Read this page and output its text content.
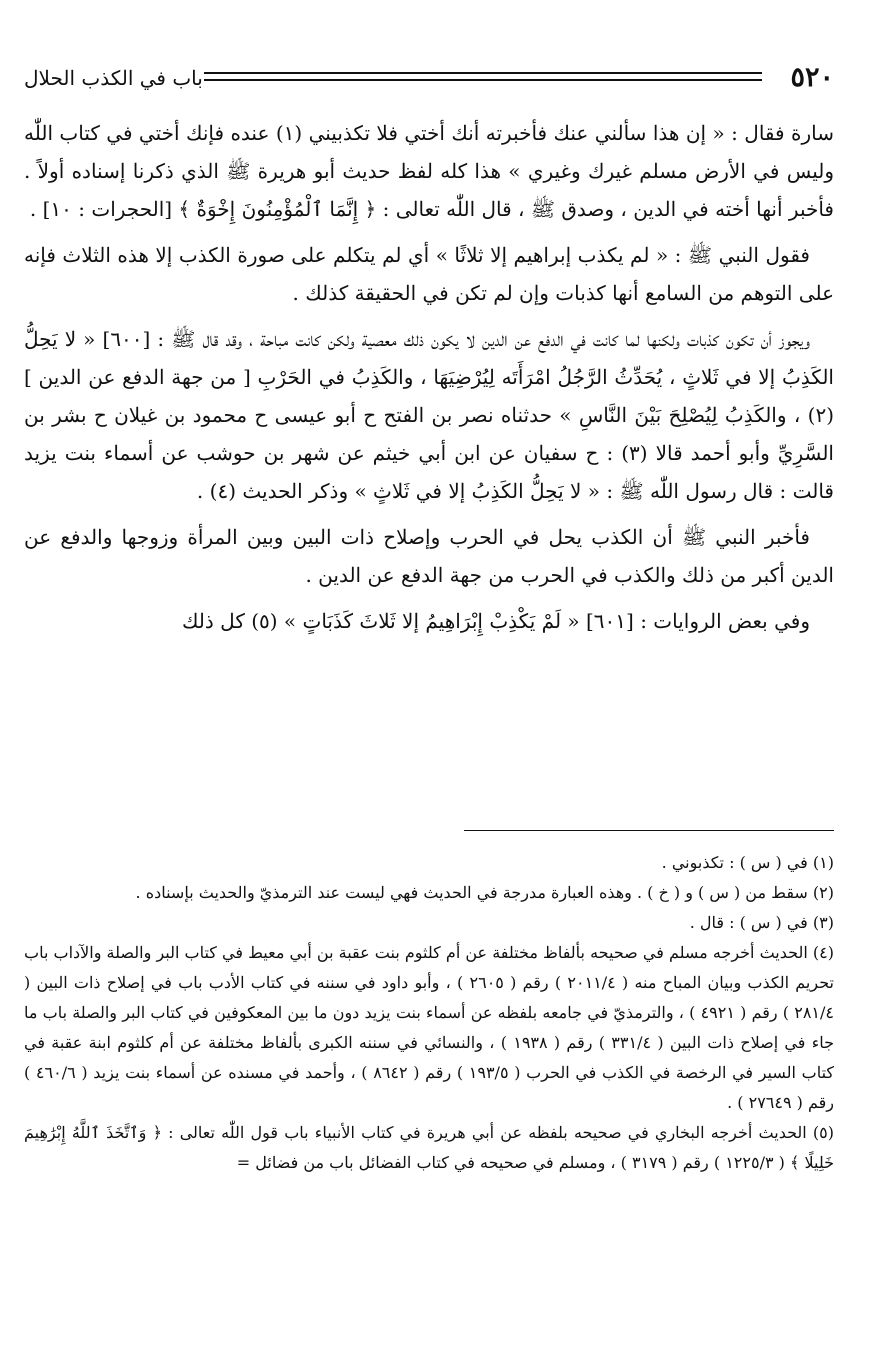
٥٢٠
باب في الكذب الحلال

سارة فقال : « إن هذا سألني عنك فأخبرته أنك أختي فلا تكذبيني (١) عنده فإنك أختي في كتاب اللّٰه وليس في الأرض مسلم غيرك وغيري » هذا كله لفظ حديث أبو هريرة ﷺ الذي ذكرنا إسناده أولاً . فأخبر أنها أخته في الدين ، وصدق ﷺ ، قال اللّٰه تعالى : ﴿ إِنَّمَا ٱلْمُؤْمِنُونَ إِخْوَةٌ ﴾ [الحجرات : ١٠] .

فقول النبي ﷺ : « لم يكذب إبراهيم إلا ثلاثًا » أي لم يتكلم على صورة الكذب إلا هذه الثلاث فإنه على التوهم من السامع أنها كذبات وإن لم تكن في الحقيقة كذلك .

ويجوز أن تكون كذبات ولكنها لما كانت في الدفع عن الدين لا يكون ذلك معصية ولكن كانت مباحة ، وقد قال ﷺ : [٦٠٠] « لا يَحِلُّ الكَذِبُ إلا في ثَلاثٍ ، يُحَدِّثُ الرَّجُلُ امْرَأَتَه لِيُرْضِيَهَا ، والكَذِبُ في الحَرْبِ [ من جهة الدفع عن الدين ] (٢) ، والكَذِبُ لِيُصْلِحَ بَيْنَ النَّاسِ » حدثناه نصر بن الفتح ح أبو عيسى ح محمود بن غيلان ح بشر بن السَّرِيِّ وأبو أحمد قالا (٣) : ح سفيان عن ابن أبي خيثم عن شهر بن حوشب عن أسماء بنت يزيد قالت : قال رسول اللّٰه ﷺ : « لا يَحِلُّ الكَذِبُ إلا في ثَلاثٍ » وذكر الحديث (٤) .

فأخبر النبي ﷺ أن الكذب يحل في الحرب وإصلاح ذات البين وبين المرأة وزوجها والدفع عن الدين أكبر من ذلك والكذب في الحرب من جهة الدفع عن الدين .

وفي بعض الروايات : [٦٠١] « لَمْ يَكْذِبْ إِبْرَاهِيمُ إلا ثَلاثَ كَذَبَاتٍ » (٥) كل ذلك

(١) في ( س ) : تكذبوني .

(٢) سقط من ( س ) و ( خ ) . وهذه العبارة مدرجة في الحديث فهي ليست عند الترمذيّ والحديث بإسناده .

(٣) في ( س ) : قال .

(٤) الحديث أخرجه مسلم في صحيحه بألفاظ مختلفة عن أم كلثوم بنت عقبة بن أبي معيط في كتاب البر والصلة والآداب باب تحريم الكذب وبيان المباح منه ( ٢٠١١/٤ ) رقم ( ٢٦٠٥ ) ، وأبو داود في سننه في كتاب الأدب باب في إصلاح ذات البين ( ٢٨١/٤ ) رقم ( ٤٩٢١ ) ، والترمذيّ في جامعه بلفظه عن أسماء بنت يزيد دون ما بين المعكوفين في كتاب البر والصلة باب ما جاء في إصلاح ذات البين ( ٣٣١/٤ ) رقم ( ١٩٣٨ ) ، والنسائي في سننه الكبرى بألفاظ مختلفة عن أم كلثوم ابنة عقبة في كتاب السير في الرخصة في الكذب في الحرب ( ١٩٣/٥ ) رقم ( ٨٦٤٢ ) ، وأحمد في مسنده عن أسماء بنت يزيد ( ٤٦٠/٦ ) رقم ( ٢٧٦٤٩ ) .

(٥) الحديث أخرجه البخاري في صحيحه بلفظه عن أبي هريرة في كتاب الأنبياء باب قول اللّٰه تعالى : ﴿ وَٱتَّخَذَ ٱللَّهُ إِبْرَٰهِيمَ خَلِيلًا ﴾ ( ١٢٢٥/٣ ) رقم ( ٣١٧٩ ) ، ومسلم في صحيحه في كتاب الفضائل باب من فضائل =
